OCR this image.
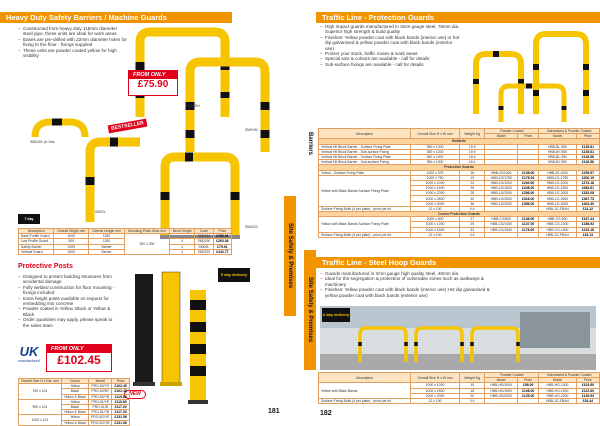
Heavy Duty Safety Barriers / Machine Guards
– Constructed from heavy duty 115mm diameter steel pipe, these units are ideal for work areas
– Bases are pre-drilled with 22mm diameter holes for fixing to the floor - fixings supplied
– These units are powder coated yellow for high visibility
FROM ONLY
£75.90
BESTSELLER
SM0181 (in 1ine
SM02DH
SM0190
SM02L
SM0220
7 day
Description	Overall Height mm	Overall Length mm	Mounting Plate Dims mm	Bend Height	Code	Price
Back Profile Guard	1000	1150	300 x 300		SM0181	£280.91
Low Profile Guard	500	1150		4	SM0190	£263.36
Safety Barrier	1000	Barrier		4	SM02L	£75.91
Vertical Guard	1000	Barrier		4	SM0220	£343.77
Protective Posts
– Designed to protect building structures from accidental damage
– Fully welded construction for floor mounting - fixings included
– Extra height posts available on request for embedding into concrete
– Powder coated in Yellow, Black or Yellow & Black
– Order quantities may apply, please speak to the sales team
UK
manufactured
FROM ONLY
£102.45
5 day delivery
NEW
Overall Size H x Dia. mm	Colour	Model	Price
750 x 101	Yellow	PRO-50/YS	£102.45
	Black	PRO-50/BY	£102.45
	Yellow & Black	PRO-50/YB	£119.80
900 x 101	Yellow	PRO-51/YE	£119.89
	Black	PRO-51/B	£117.20
	Yellow & Black	PRO-51/YB	£117.20
1000 x 101	Yellow	PRO-5G/YE	£131.56
	Yellow & Black	PRO-5G/YB	£131.56
181
Site Safety & Premises
Barriers
Site Safety & Premises
Traffic Line - Protection Guards
– High impact guards manufactured in 3mm gauge steel, 76mm dia. Superior high strength & build quality
– Finishes: Yellow powder coat with black bands (interior use) or hot dip galvanised & yellow powder coat with black bands (exterior use)
– Protect your stock, traffic routes & work areas
– Special size & colours are available - call for details
– Sub-surface fixings are available - call for details
Description	Overall Size H x W mm	Weight Kg	Powder Coated		Galvanised & Powder Coated	
			Model	Price	Model	Price
Bollards						
Vertical Hit Block Barrier - Surface Fixing Plate	350 x 1200	19.9			HBB-BL-950	£139.81
Vertical Hit Block Barrier - Sub-surface Fixing	350 x 1200	19.9			HBB-BY-950	£139.81
Vertical Hit Block Barrier - Surface Fixing Plate	350 x 1000	18.4			HBB-BL-950	£116.56
Vertical Hit Block Barrier - Sub-surface Fixing	350 x 1000	18.4			HBB-BY-950	£116.56
Protection Guards						
Yellow - Surface Fixing Plate	1000 x 375	16	HBB-20/1000	£138.00	HBB-20-1000	£159.97
Yellow with Black Bands Surface Fixing Plate	1000 x 750	19	HBB-1G/1750	£178.94	HBB-1G-1750	£200.19
	1000 x 1000	23	HBB-1G/1000	£240.00	HBB-1G-1000	£274.18
	1000 x 1500	25	HBB-1G/1500	£248.00	HBB-1G-1500	£282.61
	1000 x 2000	28	HBB-1G/2000	£286.00	HBB-1G-2000	£333.08
	1000 x 2500	30	HBB-1G/2500	£316.00	HBB-1G-2500	£367.73
	1000 x 3000	36	HBB-1G/3000	£356.00	HBB-1G-3000	£403.30
Surface Fixing Bolts (4 per plate) - price per kit	12 x 100	0.4			HBB-1G-FB4/4	£14.12
Corner Protection Guards						
Yellow with Black Bands Surface Fixing Plate	1000 x 500	27	HBB-CG/500	£136.00	HBB-CG-500	£167.44
	1000 x 1000	29	HBB-CG/1000	£147.00	HBB-CG-1000	£188.92
	1000 x 1500	33	HBB-CG/1500	£176.00	HBB-CG-1500	£215.18
Surface Fixing Bolts (4 per plate) - price per kit	12 x 100	0.4			HBB-1G-FB4/4	£18.13
Traffic Line - Steel Hoop Guards
– Guards manufactured in 3mm gauge high quality steel, 48mm dia.
– Ideal for the segregation & protection of vulnerable zones such as walkways & machinery
– Finishes: Yellow powder coat with black bands (interior use) Hot dip galvanised & yellow powder coat with black bands (exterior use)
3 day delivery
Description	Overall Size H x W mm	Weight Kg	Powder Coated		Galvanised & Powder Coated	
			Model	Price	Model	Price
Yellow with Black Bands	1000 x 1000	15	HBB-HG/1000	£98.00	HBB-HG-1000	£103.80
	1000 x 1500	18	HBB-HG/1500	£108.00	HBB-HG-1500	£122.60
	1000 x 2000	20	HBB-HG/2000	£125.00	HBB-HG-2000	£139.53
Surface Fixing Bolts (4 per plate) - price per kit	12 x 100	0.4			HBB-1G-FB4/4	£18.44
182
